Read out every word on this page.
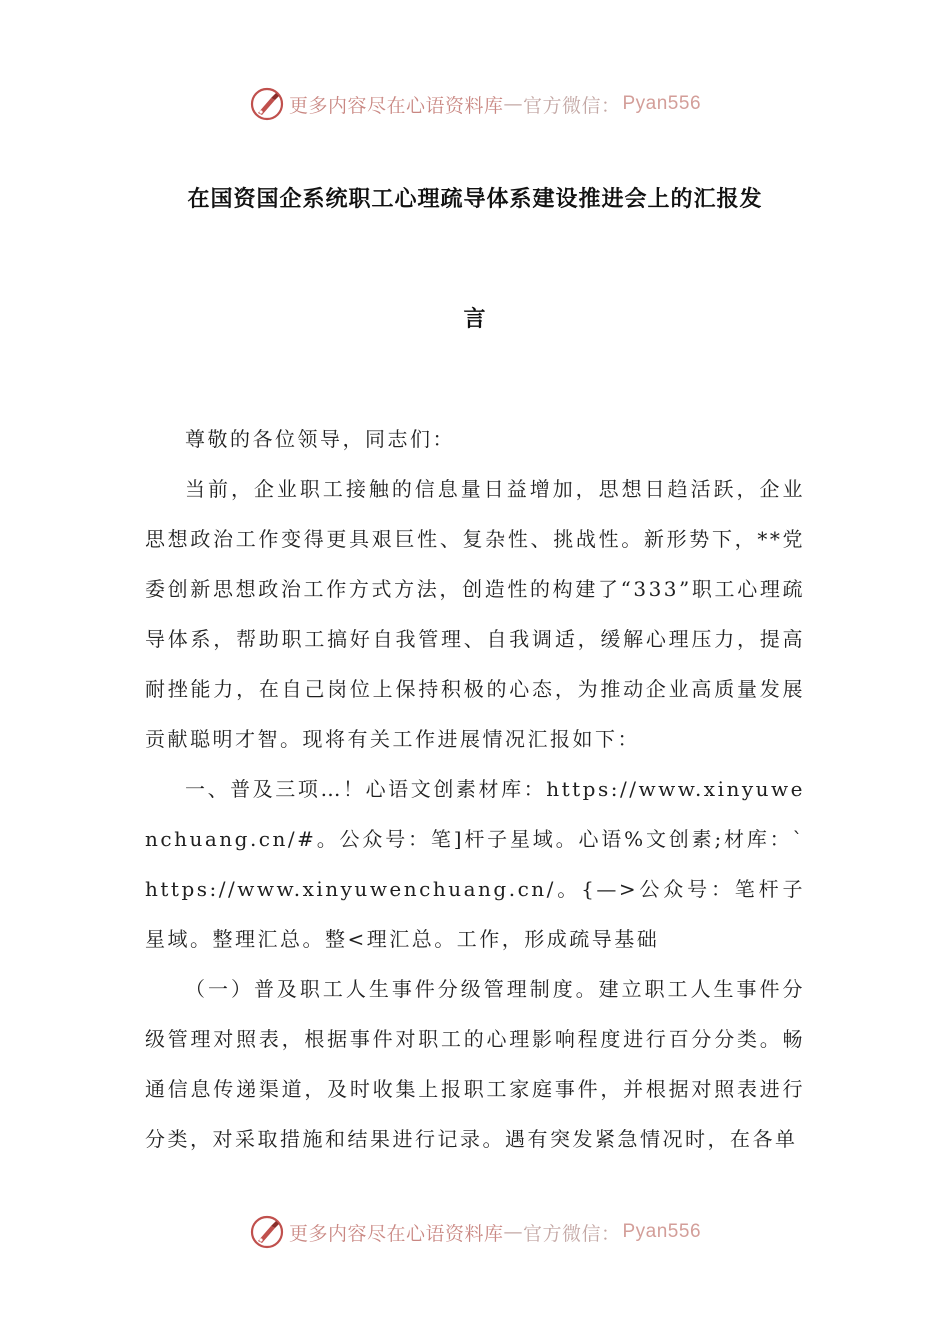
更多内容尽在心语资料库 — 官方微信： Pyan556
在国资国企系统职工心理疏导体系建设推进会上的汇报发
言

尊敬的各位领导，同志们：

当前，企业职工接触的信息量日益增加，思想日趋活跃，企业思想政治工作变得更具艰巨性、复杂性、挑战性。新形势下，**党委创新思想政治工作方式方法，创造性的构建了“333”职工心理疏导体系，帮助职工搞好自我管理、自我调适，缓解心理压力，提高耐挫能力，在自己岗位上保持积极的心态，为推动企业高质量发展贡献聪明才智。现将有关工作进展情况汇报如下：

一、普及三项…！心语文创素材库：https://www.xinyuwenchuang.cn/#。公众号：笔]杆子星域。心语%文创素;材库：`https://www.xinyuwenchuang.cn/。{—>公众号：笔杆子星域。整理汇总。整<理汇总。工作，形成疏导基础

（一）普及职工人生事件分级管理制度。建立职工人生事件分级管理对照表，根据事件对职工的心理影响程度进行百分分类。畅通信息传递渠道，及时收集上报职工家庭事件，并根据对照表进行分类，对采取措施和结果进行记录。遇有突发紧急情况时，在各单

更多内容尽在心语资料库 — 官方微信： Pyan556
